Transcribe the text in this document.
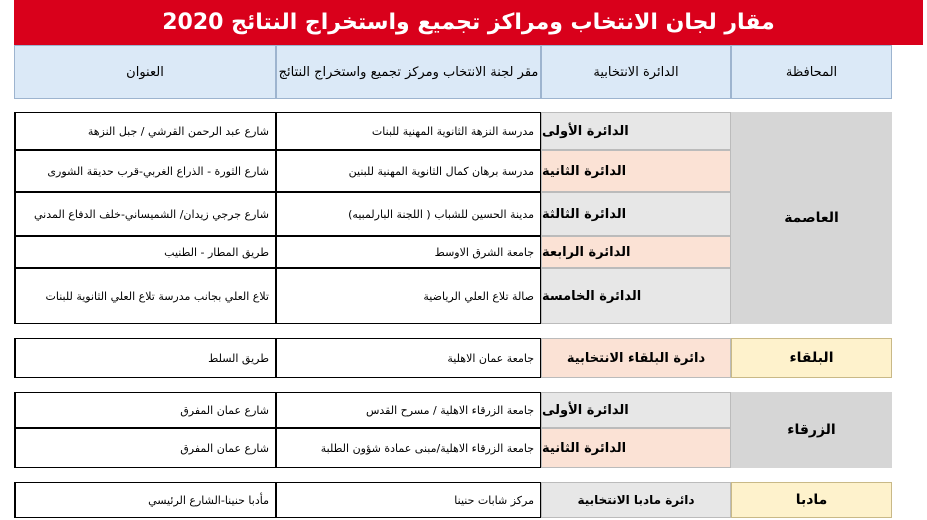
مقار لجان الانتخاب ومراكز تجميع واستخراج النتائج 2020
المحافظة
الدائرة الانتخابية
مقر لجنة الانتخاب ومركز تجميع واستخراج النتائج
العنوان
العاصمة
الدائرة الأولى
مدرسة النزهة الثانوية المهنية للبنات
شارع عبد الرحمن القرشي / جبل النزهة
الدائرة الثانية
مدرسة برهان كمال الثانوية المهنية للبنين
شارع الثورة - الذراع الغربي-قرب حديقة الشورى
الدائرة الثالثة
مدينة الحسين للشباب ( اللجنة البارلمبيه)
شارع جرجي زيدان/ الشميساني-خلف الدفاع المدني
الدائرة الرابعة
جامعة الشرق الاوسط
طريق المطار - الطنيب
الدائرة الخامسة
صالة تلاع العلي الرياضية
تلاع العلي بجانب مدرسة تلاع العلي الثانوية للبنات
البلقاء
دائرة البلقاء الانتخابية
جامعة عمان الاهلية
طريق السلط
الزرقاء
الدائرة الأولى
جامعة الزرقاء الاهلية / مسرح القدس
شارع عمان المفرق
الدائرة الثانية
جامعة الزرقاء الاهلية/مبنى عمادة شؤون الطلبة
شارع عمان المفرق
مادبا
دائرة مادبا الانتخابية
مركز شابات حنينا
مأدبا حنينا-الشارع الرئيسي
